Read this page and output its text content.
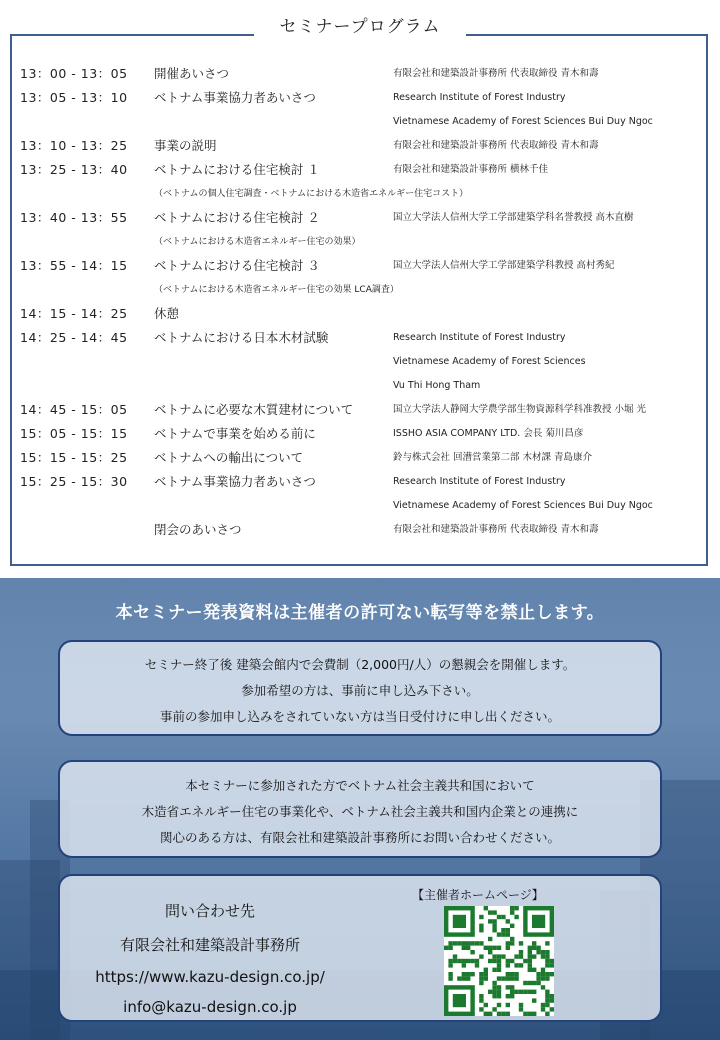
セミナープログラム
13：00 - 13：05	開催あいさつ	有限会社和建築設計事務所 代表取締役 青木和壽
13：05 - 13：10	ベトナム事業協力者あいさつ	Research Institute of Forest Industry
Vietnamese Academy of Forest Sciences Bui Duy Ngoc
13：10 - 13：25	事業の説明	有限会社和建築設計事務所 代表取締役 青木和壽
13：25 - 13：40	ベトナムにおける住宅検討 １	有限会社和建築設計事務所 横林千佳
（ベトナムの個人住宅調査・ベトナムにおける木造省エネルギー住宅コスト）
13：40 - 13：55	ベトナムにおける住宅検討 ２	国立大学法人信州大学工学部建築学科名誉教授 高木直樹
（ベトナムにおける木造省エネルギー住宅の効果）
13：55 - 14：15	ベトナムにおける住宅検討 ３	国立大学法人信州大学工学部建築学科教授 高村秀紀
（ベトナムにおける木造省エネルギー住宅の効果 LCA調査）
14：15 - 14：25	休憩
14：25 - 14：45	ベトナムにおける日本木材試験	Research Institute of Forest Industry
Vietnamese Academy of Forest Sciences
Vu Thi Hong Tham
14：45 - 15：05	ベトナムに必要な木質建材について	国立大学法人静岡大学農学部生物資源科学科准教授 小堀 光
15：05 - 15：15	ベトナムで事業を始める前に	ISSHO ASIA COMPANY LTD. 会長 菊川昌彦
15：15 - 15：25	ベトナムへの輸出について	鈴与株式会社 回漕営業第二部 木材課 青島康介
15：25 - 15：30	ベトナム事業協力者あいさつ	Research Institute of Forest Industry
Vietnamese Academy of Forest Sciences Bui Duy Ngoc
閉会のあいさつ	有限会社和建築設計事務所 代表取締役 青木和壽
本セミナー発表資料は主催者の許可ない転写等を禁止します。
セミナー終了後 建築会館内で会費制（2,000円/人）の懇親会を開催します。
参加希望の方は、事前に申し込み下さい。
事前の参加申し込みをされていない方は当日受付けに申し出ください。
本セミナーに参加された方でベトナム社会主義共和国において
木造省エネルギー住宅の事業化や、ベトナム社会主義共和国内企業との連携に
関心のある方は、有限会社和建築設計事務所にお問い合わせください。
問い合わせ先
有限会社和建築設計事務所
https://www.kazu-design.co.jp/
info@kazu-design.co.jp
【主催者ホームページ】
